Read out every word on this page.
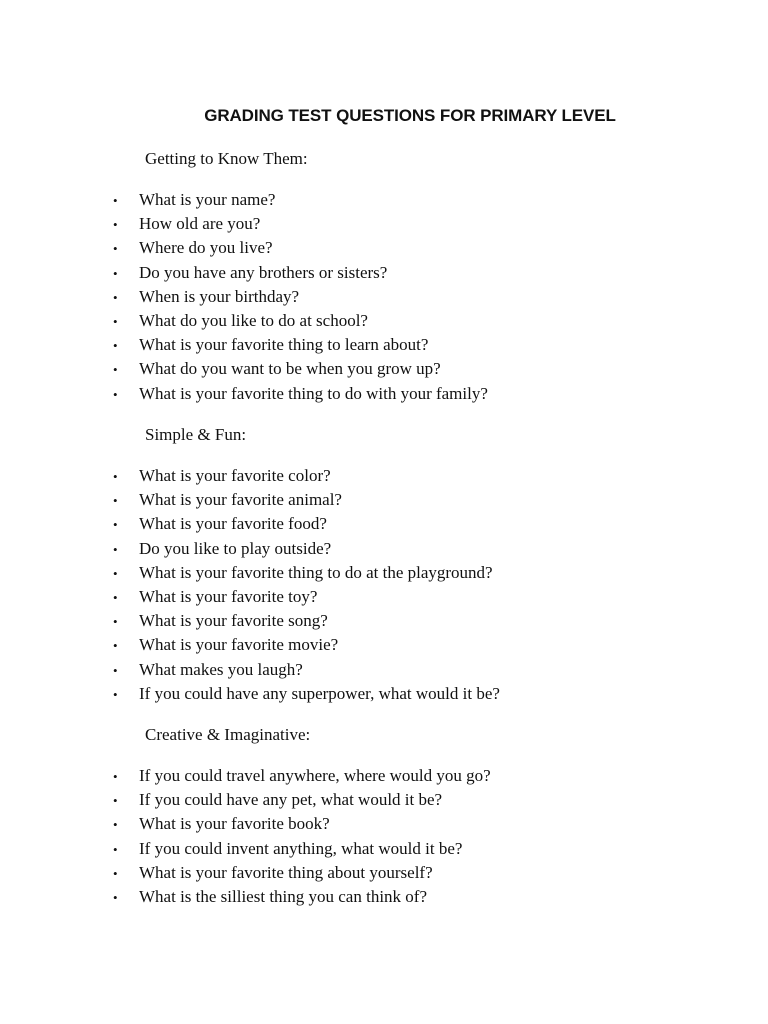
GRADING TEST QUESTIONS FOR PRIMARY LEVEL
Getting to Know Them:
• What is your name?
• How old are you?
• Where do you live?
• Do you have any brothers or sisters?
• When is your birthday?
• What do you like to do at school?
• What is your favorite thing to learn about?
• What do you want to be when you grow up?
• What is your favorite thing to do with your family?
Simple & Fun:
• What is your favorite color?
• What is your favorite animal?
• What is your favorite food?
• Do you like to play outside?
• What is your favorite thing to do at the playground?
• What is your favorite toy?
• What is your favorite song?
• What is your favorite movie?
• What makes you laugh?
• If you could have any superpower, what would it be?
Creative & Imaginative:
• If you could travel anywhere, where would you go?
• If you could have any pet, what would it be?
• What is your favorite book?
• If you could invent anything, what would it be?
• What is your favorite thing about yourself?
• What is the silliest thing you can think of?
